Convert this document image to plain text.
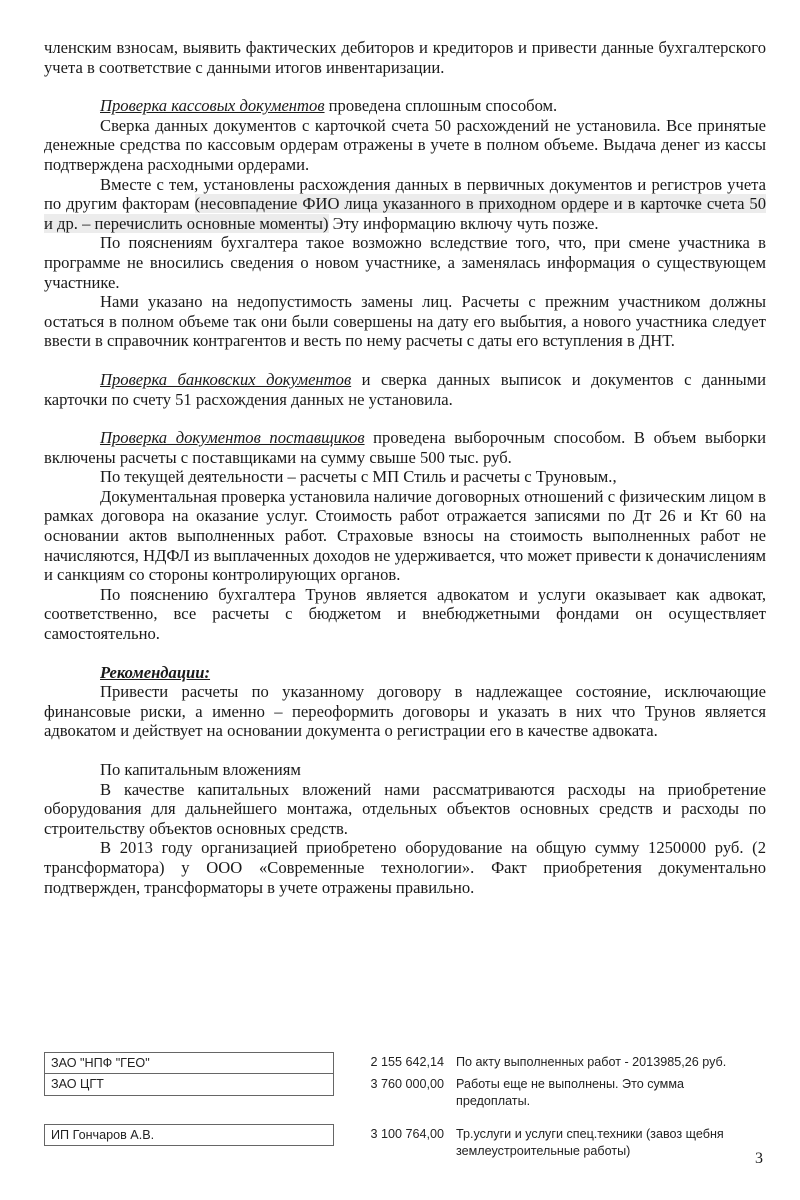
членским взносам, выявить фактических дебиторов и кредиторов и привести данные бухгалтерского учета в соответствие с данными итогов инвентаризации.

Проверка кассовых документов проведена сплошным способом.

Сверка данных документов с карточкой счета 50 расхождений не установила. Все принятые денежные средства по кассовым ордерам отражены в учете в полном объеме. Выдача денег из кассы подтверждена расходными ордерами.

Вместе с тем, установлены расхождения данных в первичных документов и регистров учета по другим факторам (несовпадение ФИО лица указанного в приходном ордере и в карточке счета 50 и др. – перечислить основные моменты) Эту информацию включу чуть позже.

По пояснениям бухгалтера такое возможно вследствие того, что, при смене участника в программе не вносились сведения о новом участнике, а заменялась информация о существующем участнике.

Нами указано на недопустимость замены лиц. Расчеты с прежним участником должны остаться в полном объеме так они были совершены на дату его выбытия, а нового участника следует ввести в справочник контрагентов и весть по нему расчеты с даты его вступления в ДНТ.

Проверка банковских документов и сверка данных выписок и документов с данными карточки по счету 51 расхождения данных не установила.

Проверка документов поставщиков проведена выборочным способом. В объем выборки включены расчеты с поставщиками на сумму свыше 500 тыс. руб.

По текущей деятельности – расчеты с МП Стиль и расчеты с Труновым.,

Документальная проверка установила наличие договорных отношений с физическим лицом в рамках договора на оказание услуг. Стоимость работ отражается записями по Дт 26 и Кт 60 на основании актов выполненных работ. Страховые взносы на стоимость выполненных работ не начисляются, НДФЛ из выплаченных доходов не удерживается, что может привести к доначислениям и санкциям со стороны контролирующих органов.

По пояснению бухгалтера Трунов является адвокатом и услуги оказывает как адвокат, соответственно, все расчеты с бюджетом и внебюджетными фондами он осуществляет самостоятельно.

Рекомендации:

Привести расчеты по указанному договору в надлежащее состояние, исключающие финансовые риски, а именно – переоформить договоры и указать в них что Трунов является адвокатом и действует на основании документа о регистрации его в качестве адвоката.

По капитальным вложениям

В качестве капитальных вложений нами рассматриваются расходы на приобретение оборудования для дальнейшего монтажа, отдельных объектов основных средств и расходы по строительству объектов основных средств.

В 2013 году организацией приобретено оборудование на общую сумму 1250000 руб. (2 трансформатора) у ООО «Современные технологии». Факт приобретения документально подтвержден, трансформаторы в учете отражены правильно.

ЗАО "НПФ "ГЕО"	2 155 642,14 По акту выполненных работ - 2013985,26 руб.
ЗАО ЦГТ	3 760 000,00 Работы еще не выполнены. Это сумма предоплаты.
ИП Гончаров А.В.	3 100 764,00 Тр.услуги и услуги спец.техники (завоз щебня землеустроительные работы)	3
